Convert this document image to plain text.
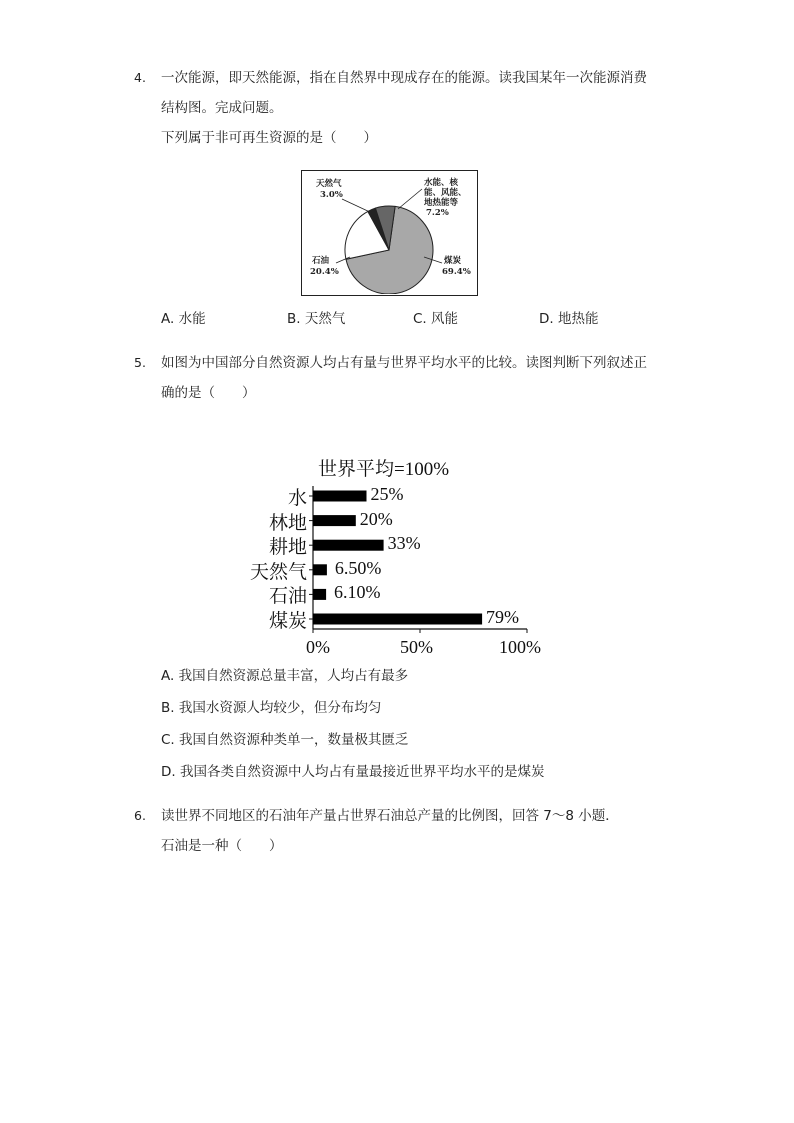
4. 一次能源，即天然能源，指在自然界中现成存在的能源。读我国某年一次能源消费
结构图。完成问题。
下列属于非可再生资源的是（　　）
天然气
3.0%
水能、核
能、风能、
地热能等
7.2%
石油
20.4%
煤炭
69.4%
A. 水能	B. 天然气	C. 风能	D. 地热能
5. 如图为中国部分自然资源人均占有量与世界平均水平的比较。读图判断下列叙述正
确的是（　　）
世界平均=100%
水	25%
林地	20%
耕地	33%
天然气 6.50%
石油 6.10%
煤炭	79%
0%	50%	100%
A. 我国自然资源总量丰富，人均占有最多
B. 我国水资源人均较少，但分布均匀
C. 我国自然资源种类单一，数量极其匮乏
D. 我国各类自然资源中人均占有量最接近世界平均水平的是煤炭
6. 读世界不同地区的石油年产量占世界石油总产量的比例图，回答 7～8 小题．
石油是一种（　　）
